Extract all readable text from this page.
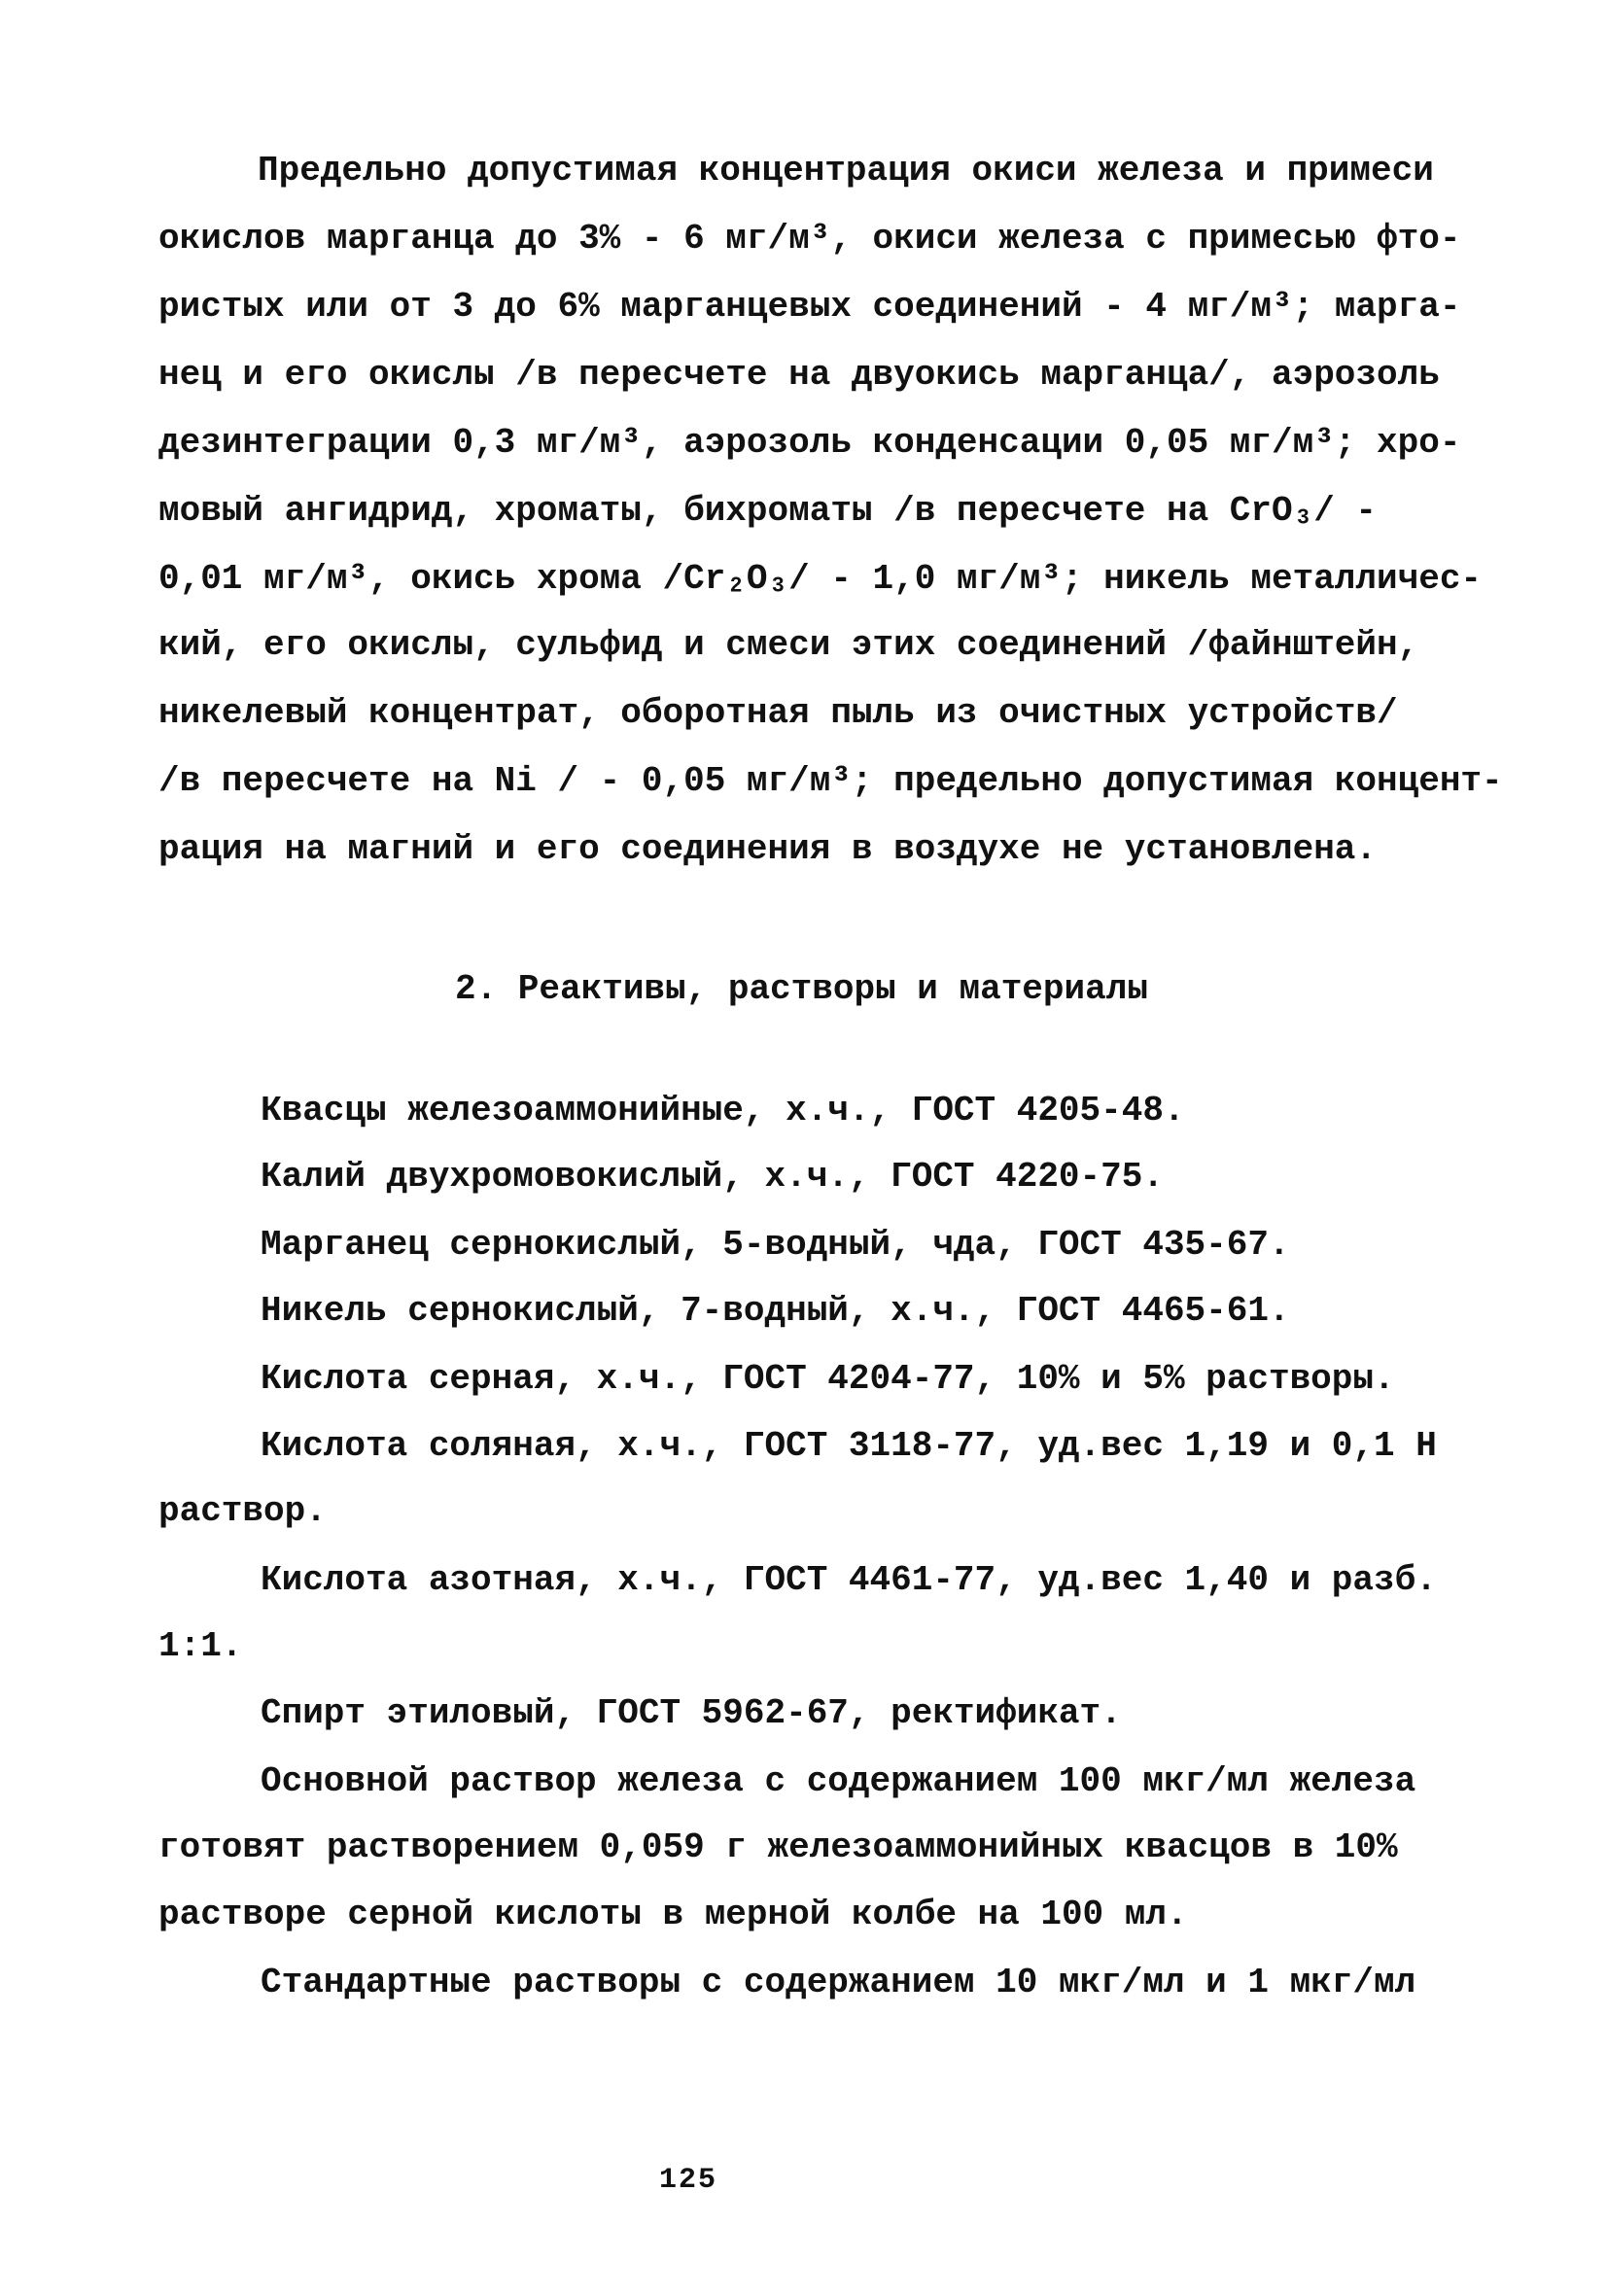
Предельно допустимая концентрация окиси железа и примеси
окислов марганца до 3% - 6 мг/м³, окиси железа с примесью фто-
ристых или от 3 до 6% марганцевых соединений - 4 мг/м³; марга-
нец и его окислы /в пересчете на двуокись марганца/, аэрозоль
дезинтеграции 0,3 мг/м³, аэрозоль конденсации 0,05 мг/м³; хро-
мовый ангидрид, хроматы, бихроматы /в пересчете на CrO₃/ -
0,01 мг/м³, окись хрома /Cr₂O₃/ - 1,0 мг/м³; никель металличес-
кий, его окислы, сульфид и смеси этих соединений /файнштейн,
никелевый концентрат, оборотная пыль из очистных устройств/
/в пересчете на Ni / - 0,05 мг/м³; предельно допустимая концент-
рация на магний и его соединения в воздухе не установлена.
2. Реактивы, растворы и материалы
Квасцы железоаммонийные, х.ч., ГОСТ 4205-48.
Калий двухромовокислый, х.ч., ГОСТ 4220-75.
Марганец сернокислый, 5-водный, чда, ГОСТ 435-67.
Никель сернокислый, 7-водный, х.ч., ГОСТ 4465-61.
Кислота серная, х.ч., ГОСТ 4204-77, 10% и 5% растворы.
Кислота соляная, х.ч., ГОСТ 3118-77, уд.вес 1,19 и 0,1 Н
раствор.
Кислота азотная, х.ч., ГОСТ 4461-77, уд.вес 1,40 и разб.
1:1.
Спирт этиловый, ГОСТ 5962-67, ректификат.
Основной раствор железа с содержанием 100 мкг/мл железа
готовят растворением 0,059 г железоаммонийных квасцов в 10%
растворе серной кислоты в мерной колбе на 100 мл.
Стандартные растворы с содержанием 10 мкг/мл и 1 мкг/мл
125
